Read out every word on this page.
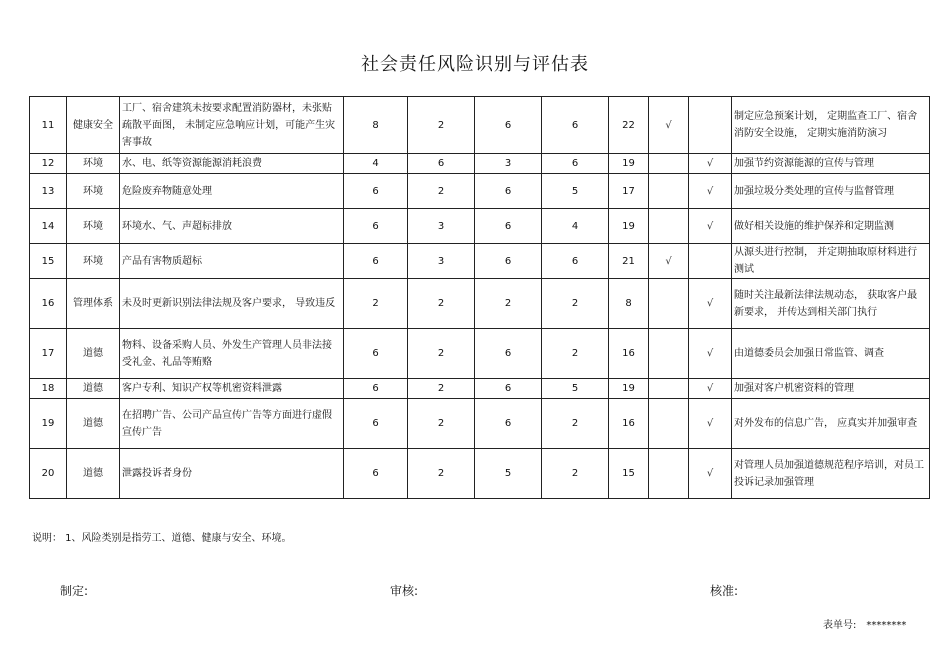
社会责任风险识别与评估表
11	健康安全	工厂、宿舍建筑未按要求配置消防器材，未张贴疏散平面图， 未制定应急响应计划，可能产生灾害事故	8	2	6	6	22	√		制定应急预案计划， 定期监查工厂、宿舍消防安全设施， 定期实施消防演习
12	环境	水、电、纸等资源能源消耗浪费	4	6	3	6	19		√	加强节约资源能源的宣传与管理
13	环境	危险废弃物随意处理	6	2	6	5	17		√	加强垃圾分类处理的宣传与监督管理
14	环境	环境水、气、声超标排放	6	3	6	4	19		√	做好相关设施的维护保养和定期监测
15	环境	产品有害物质超标	6	3	6	6	21	√		从源头进行控制， 并定期抽取原材料进行测试
16	管理体系	未及时更新识别法律法规及客户要求， 导致违反	2	2	2	2	8		√	随时关注最新法律法规动态， 获取客户最新要求， 并传达到相关部门执行
17	道德	物料、设备采购人员、外发生产管理人员非法接受礼金、礼品等贿赂	6	2	6	2	16		√	由道德委员会加强日常监管、调查
18	道德	客户专利、知识产权等机密资料泄露	6	2	6	5	19		√	加强对客户机密资料的管理
19	道德	在招聘广告、公司产品宣传广告等方面进行虚假宣传广告	6	2	6	2	16		√	对外发布的信息广告， 应真实并加强审查
20	道德	泄露投诉者身份	6	2	5	2	15		√	对管理人员加强道德规范程序培训，对员工投诉记录加强管理
说明： 1、风险类别是指劳工、道德、健康与安全、环境。
制定:	审核:	核准:
表单号: ********
